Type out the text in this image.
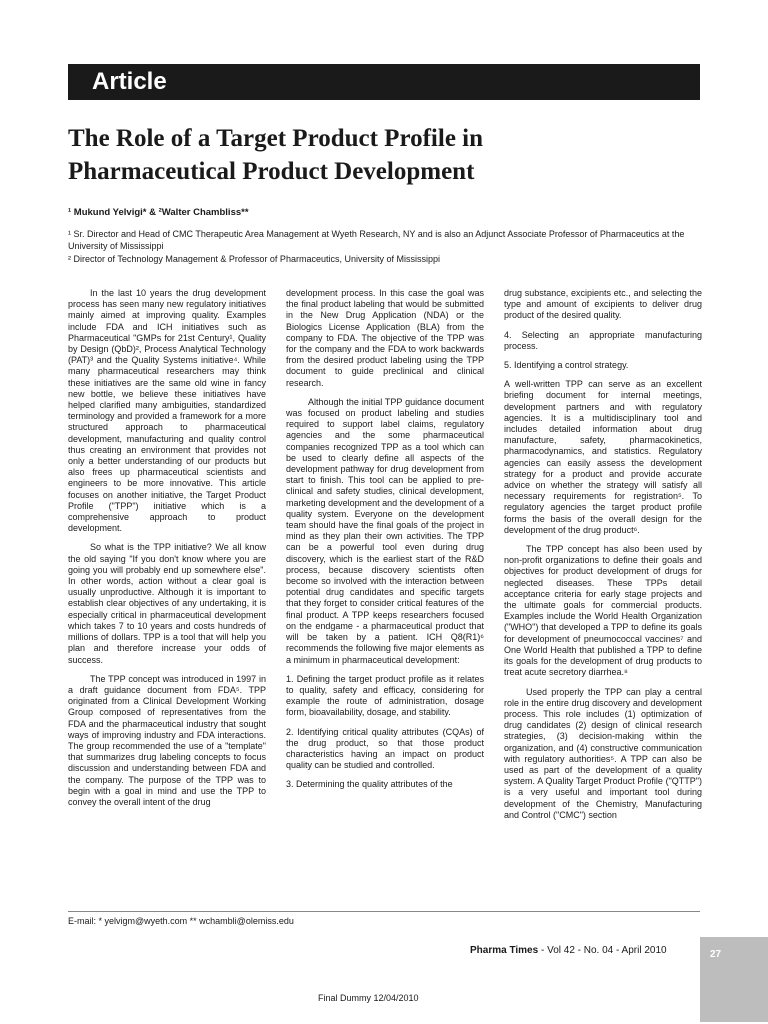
Article
The Role of a Target Product Profile in
Pharmaceutical Product Development
¹ Mukund Yelvigi* & ²Walter Chambliss**
¹ Sr. Director and Head of CMC Therapeutic Area Management at Wyeth Research, NY and is also an Adjunct Associate Professor of Pharmaceutics at the University of Mississippi
² Director of Technology Management & Professor of Pharmaceutics, University of Mississippi

In the last 10 years the drug development process has seen many new regulatory initiatives mainly aimed at improving quality. Examples include FDA and ICH initiatives such as Pharmaceutical "GMPs for 21st Century¹, Quality by Design (QbD)², Process Analytical Technology (PAT)³ and the Quality Systems initiative⁴. While many pharmaceutical researchers may think these initiatives are the same old wine in fancy new bottle, we believe these initiatives have helped clarified many ambiguities, standardized terminology and provided a framework for a more structured approach to pharmaceutical development, manufacturing and quality control thus creating an environment that provides not only a better understanding of our products but also frees up pharmaceutical scientists and engineers to be more innovative. This article focuses on another initiative, the Target Product Profile ("TPP") initiative which is a comprehensive approach to product development.

So what is the TPP initiative? We all know the old saying "If you don't know where you are going you will probably end up somewhere else". In other words, action without a clear goal is usually unproductive. Although it is important to establish clear objectives of any undertaking, it is especially critical in pharmaceutical development which takes 7 to 10 years and costs hundreds of millions of dollars. TPP is a tool that will help you plan and therefore increase your odds of success.

The TPP concept was introduced in 1997 in a draft guidance document from FDA⁵. TPP originated from a Clinical Development Working Group composed of representatives from the FDA and the pharmaceutical industry that sought ways of improving industry and FDA interactions. The group recommended the use of a "template" that summarizes drug labeling concepts to focus discussion and understanding between FDA and the company. The purpose of the TPP was to begin with a goal in mind and use the TPP to convey the overall intent of the drug

development process. In this case the goal was the final product labeling that would be submitted in the New Drug Application (NDA) or the Biologics License Application (BLA) from the company to FDA. The objective of the TPP was for the company and the FDA to work backwards from the desired product labeling using the TPP document to guide preclinical and clinical research.

Although the initial TPP guidance document was focused on product labeling and studies required to support label claims, regulatory agencies and the some pharmaceutical companies recognized TPP as a tool which can be used to clearly define all aspects of the development pathway for drug development from start to finish. This tool can be applied to pre-clinical and safety studies, clinical development, marketing development and the development of a quality system. Everyone on the development team should have the final goals of the project in mind as they plan their own activities. The TPP can be a powerful tool even during drug discovery, which is the earliest start of the R&D process, because discovery scientists often become so involved with the interaction between potential drug candidates and specific targets that they forget to consider critical features of the final product. A TPP keeps researchers focused on the endgame - a pharmaceutical product that will be taken by a patient. ICH Q8(R1)⁶ recommends the following five major elements as a minimum in pharmaceutical development:

1. Defining the target product profile as it relates to quality, safety and efficacy, considering for example the route of administration, dosage form, bioavailability, dosage, and stability.

2. Identifying critical quality attributes (CQAs) of the drug product, so that those product characteristics having an impact on product quality can be studied and controlled.

3. Determining the quality attributes of the

drug substance, excipients etc., and selecting the type and amount of excipients to deliver drug product of the desired quality.

4. Selecting an appropriate manufacturing process.

5. Identifying a control strategy.

A well-written TPP can serve as an excellent briefing document for internal meetings, development partners and with regulatory agencies. It is a multidisciplinary tool and includes detailed information about drug manufacture, safety, pharmacokinetics, pharmacodynamics, and statistics. Regulatory agencies can easily assess the development strategy for a product and provide accurate advice on whether the strategy will satisfy all necessary requirements for registration⁵. To regulatory agencies the target product profile forms the basis of the overall design for the development of the drug product⁶.

The TPP concept has also been used by non-profit organizations to define their goals and objectives for product development of drugs for neglected diseases. These TPPs detail acceptance criteria for early stage projects and the ultimate goals for commercial products. Examples include the World Health Organization ("WHO") that developed a TPP to define its goals for development of pneumococcal vaccines⁷ and One World Health that published a TPP to define its goals for the development of drug products to treat acute secretory diarrhea.⁸

Used properly the TPP can play a central role in the entire drug discovery and development process. This role includes (1) optimization of drug candidates (2) design of clinical research strategies, (3) decision-making within the organization, and (4) constructive communication with regulatory authorities⁵. A TPP can also be used as part of the development of a quality system. A Quality Target Product Profile ("QTTP") is a very useful and important tool during development of the Chemistry, Manufacturing and Control ("CMC") section

E-mail: * yelvigm@wyeth.com ** wchambli@olemiss.edu
Pharma Times - Vol 42 - No. 04 - April 2010	27
Final Dummy 12/04/2010
